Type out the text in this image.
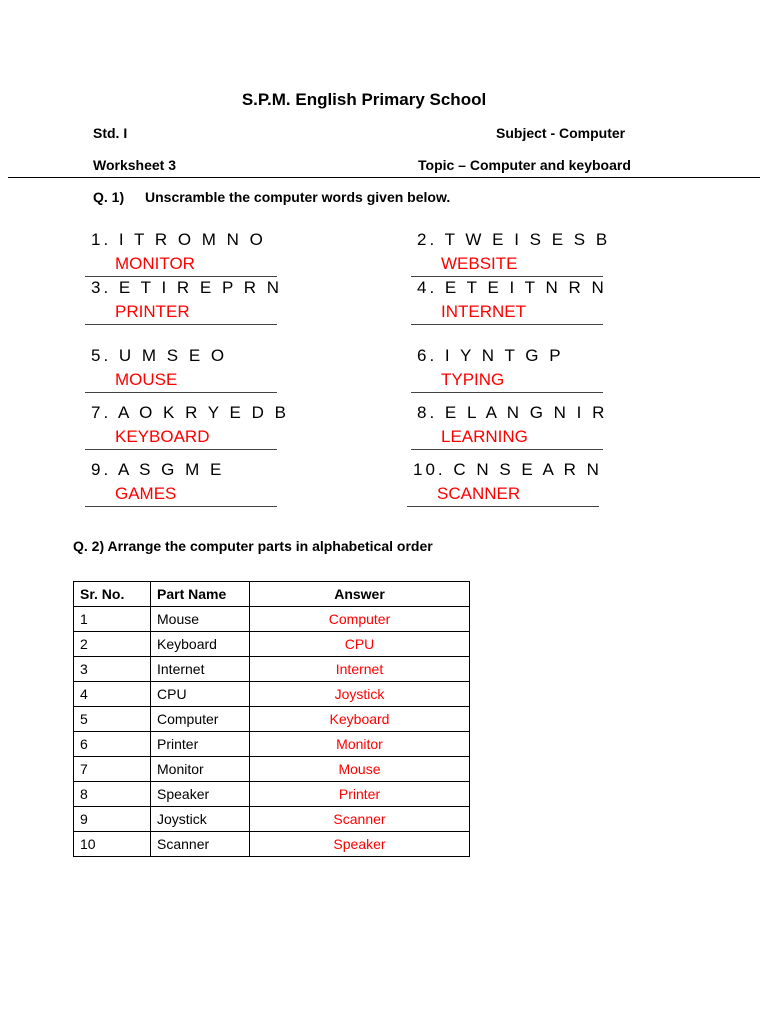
S.P.M. English Primary School
Std. I	Subject - Computer
Worksheet 3	Topic – Computer and keyboard
Q. 1) Unscramble the computer words given below.
1. I T R O M N O
MONITOR
2. T W E I S E S B
WEBSITE
3. E T I R E P R N
PRINTER
4. E T E I T N R N
INTERNET
5. U M S E O
MOUSE
6. I Y N T G P
TYPING
7. A O K R Y E D B
KEYBOARD
8. E L A N G N I R
LEARNING
9. A S G M E
GAMES
10. C N S E A R N
SCANNER
Q. 2) Arrange the computer parts in alphabetical order
Sr. No.	Part Name	Answer
1	Mouse	Computer
2	Keyboard	CPU
3	Internet	Internet
4	CPU	Joystick
5	Computer	Keyboard
6	Printer	Monitor
7	Monitor	Mouse
8	Speaker	Printer
9	Joystick	Scanner
10	Scanner	Speaker
